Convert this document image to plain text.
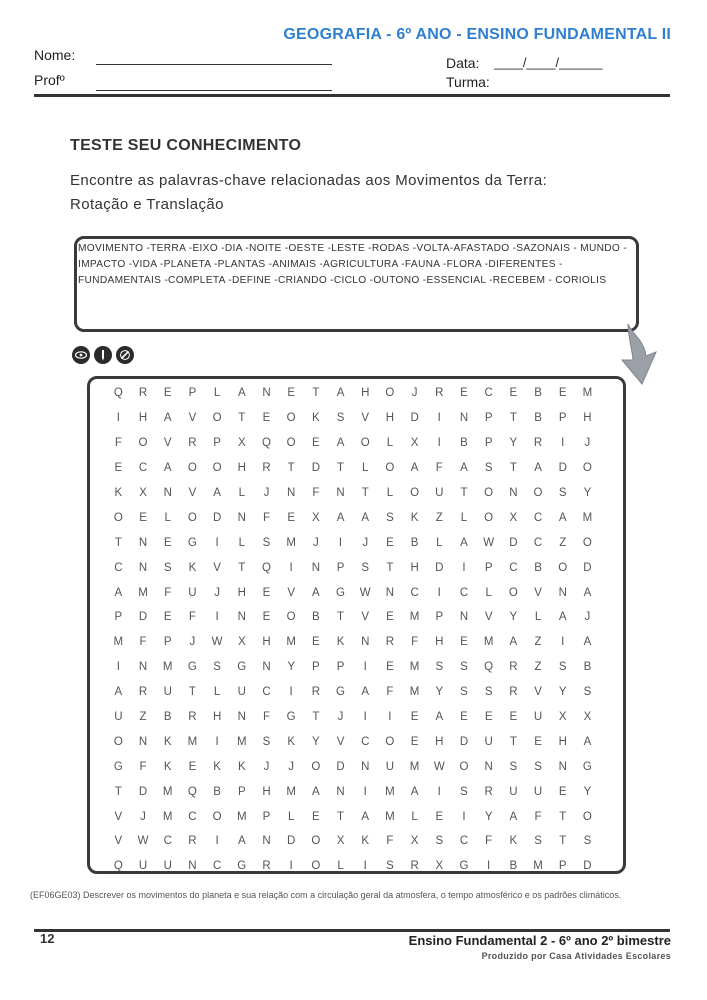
GEOGRAFIA - 6º ANO - ENSINO FUNDAMENTAL II
Nome:
Profº
Data: ____/____/______
Turma:
TESTE SEU CONHECIMENTO
Encontre as palavras-chave relacionadas aos Movimentos da Terra:
Rotação e Translação
MOVIMENTO -TERRA -EIXO -DIA -NOITE -OESTE -LESTE -RODAS -VOLTA-AFASTADO -SAZONAIS - MUNDO -IMPACTO -VIDA -PLANETA -PLANTAS -ANIMAIS -AGRICULTURA -FAUNA -FLORA -DIFERENTES -FUNDAMENTAIS -COMPLETA -DEFINE -CRIANDO -CICLO -OUTONO -ESSENCIAL -RECEBEM - CORIOLIS
Q	R	E	P	L	A	N	E	T	A	H	O	J	R	E	C	E	B	E	M
I	H	A	V	O	T	E	O	K	S	V	H	D	I	N	P	T	B	P	H
F	O	V	R	P	X	Q	O	E	A	O	L	X	I	B	P	Y	R	I	J
E	C	A	O	O	H	R	T	D	T	L	O	A	F	A	S	T	A	D	O
K	X	N	V	A	L	J	N	F	N	T	L	O	U	T	O	N	O	S	Y
O	E	L	O	D	N	F	E	X	A	A	S	K	Z	L	O	X	C	A	M
T	N	E	G	I	L	S	M	J	I	J	E	B	L	A	W	D	C	Z	O
C	N	S	K	V	T	Q	I	N	P	S	T	H	D	I	P	C	B	O	D
A	M	F	U	J	H	E	V	A	G	W	N	C	I	C	L	O	V	N	A
P	D	E	F	I	N	E	O	B	T	V	E	M	P	N	V	Y	L	A	J
M	F	P	J	W	X	H	M	E	K	N	R	F	H	E	M	A	Z	I	A
I	N	M	G	S	G	N	Y	P	P	I	E	M	S	S	Q	R	Z	S	B
A	R	U	T	L	U	C	I	R	G	A	F	M	Y	S	S	R	V	Y	S
U	Z	B	R	H	N	F	G	T	J	I	I	E	A	E	E	E	U	X	X
O	N	K	M	I	M	S	K	Y	V	C	O	E	H	D	U	T	E	H	A
G	F	K	E	K	K	J	J	O	D	N	U	M	W	O	N	S	S	N	G
T	D	M	Q	B	P	H	M	A	N	I	M	A	I	S	R	U	U	E	Y
V	J	M	C	O	M	P	L	E	T	A	M	L	E	I	Y	A	F	T	O
V	W	C	R	I	A	N	D	O	X	K	F	X	S	C	F	K	S	T	S
Q	U	U	N	C	G	R	I	O	L	I	S	R	X	G	I	B	M	P	D
(EF06GE03) Descrever os movimentos do planeta e sua relação com a circulação geral da atmosfera, o tempo atmosférico e os padrões climáticos.
12	Ensino Fundamental 2 - 6º ano 2º bimestre
Produzido por Casa Atividades Escolares
